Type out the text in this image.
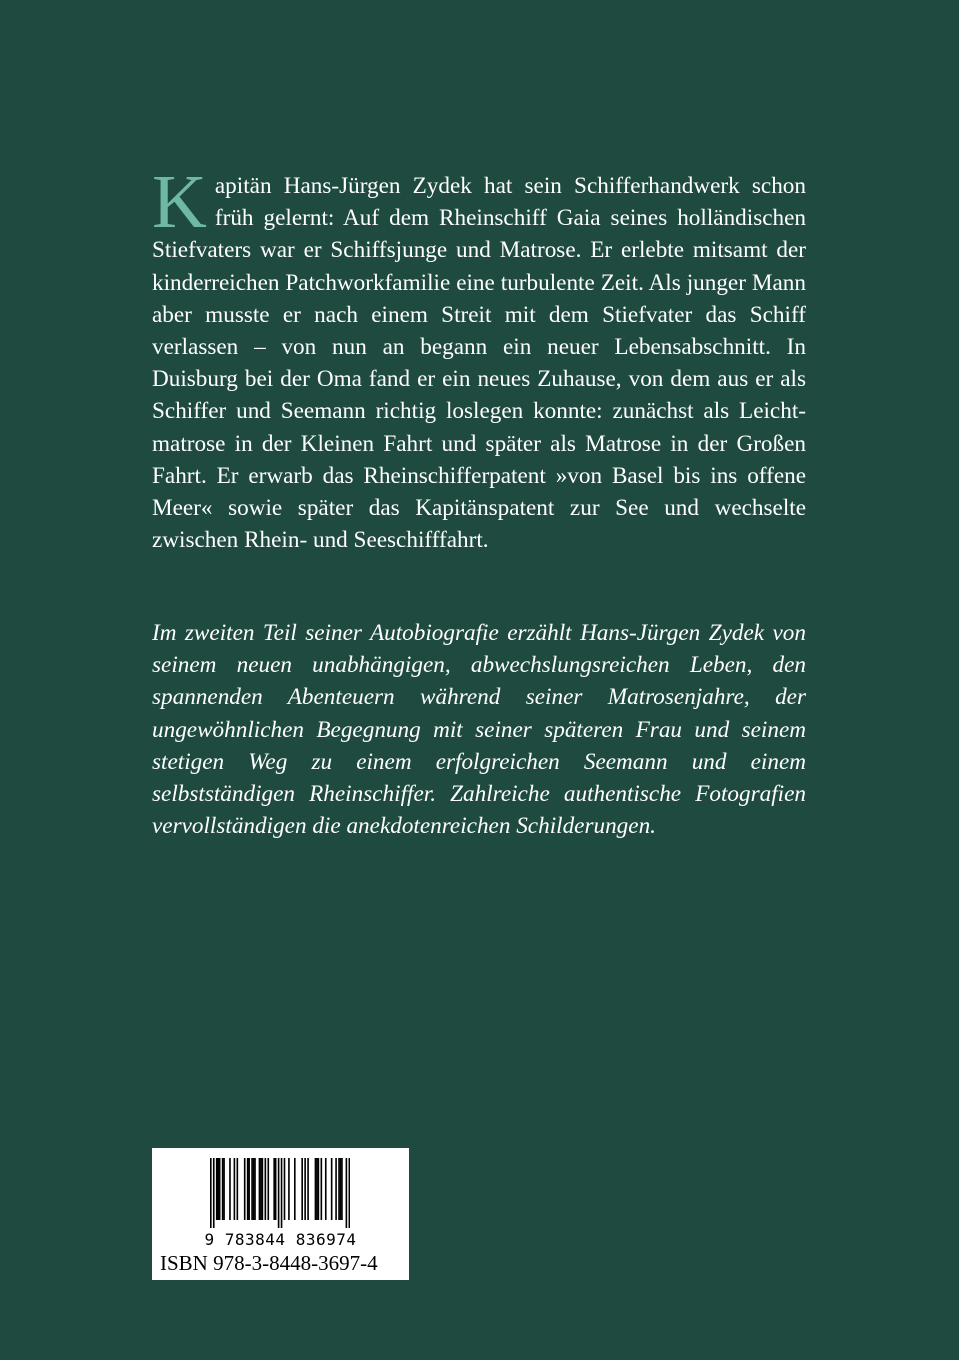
Kapitän Hans-Jürgen Zydek hat sein Schifferhandwerk schon früh gelernt: Auf dem Rheinschiff Gaia seines holländischen Stiefvaters war er Schiffsjunge und Matrose. Er erlebte mitsamt der kinderreichen Patchworkfamilie eine turbulente Zeit. Als junger Mann aber musste er nach einem Streit mit dem Stiefvater das Schiff verlassen – von nun an begann ein neuer Lebensabschnitt. In Duisburg bei der Oma fand er ein neues Zuhause, von dem aus er als Schiffer und Seemann richtig loslegen konnte: zunächst als Leichtmatrose in der Kleinen Fahrt und später als Matrose in der Großen Fahrt. Er erwarb das Rheinschifferpatent »von Basel bis ins offene Meer« sowie später das Kapitänspatent zur See und wechselte zwischen Rhein- und Seeschifffahrt.

Im zweiten Teil seiner Autobiografie erzählt Hans-Jürgen Zydek von seinem neuen unabhängigen, abwechslungsreichen Leben, den spannenden Abenteuern während seiner Matrosenjahre, der ungewöhnlichen Begegnung mit seiner späteren Frau und seinem stetigen Weg zu einem erfolgreichen Seemann und einem selbstständigen Rheinschiffer. Zahlreiche authentische Fotografien vervollständigen die anekdotenreichen Schilderungen.

9 783844 836974
ISBN 978-3-8448-3697-4
